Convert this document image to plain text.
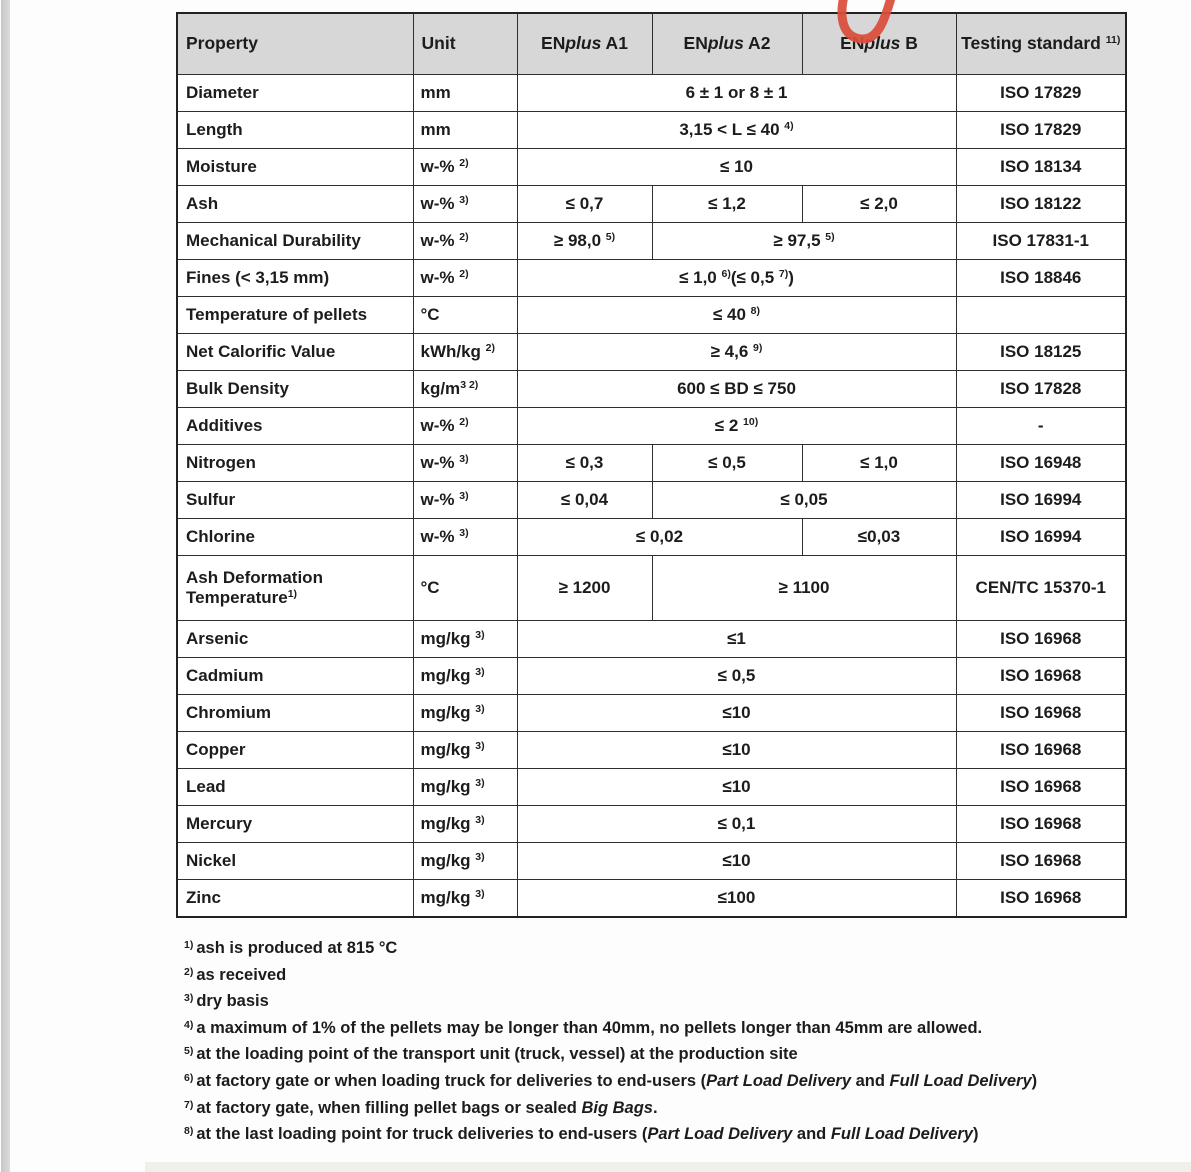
Property	Unit	ENplus A1	ENplus A2	ENplus B	Testing standard $^{11)}$
Diameter	mm	6 ± 1 or 8 ± 1			ISO 17829
Length	mm	3,15 < L ≤ 40 $^{4)}$			ISO 17829
Moisture	w-% $^{2)}$	≤ 10			ISO 18134
Ash	w-% $^{3)}$	≤ 0,7	≤ 1,2	≤ 2,0	ISO 18122
Mechanical Durability	w-% $^{2)}$	≥ 98,0 $^{5)}$	≥ 97,5 $^{5)}$		ISO 17831-1
Fines (< 3,15 mm)	w-% $^{2)}$	≤ 1,0 $^{6)}$(≤ 0,5 $^{7)}$)			ISO 18846
Temperature of pellets	°C	≤ 40 $^{8)}$	
Net Calorific Value	kWh/kg $^{2)}$	≥ 4,6 $^{9)}$			ISO 18125
Bulk Density	$kg/m^3$ $^{2)}$	600 ≤ BD ≤ 750			ISO 17828
Additives	w-% $^{2)}$	≤ 2 $^{10)}$			-
Nitrogen	w-% $^{3)}$	≤ 0,3	≤ 0,5	≤ 1,0	ISO 16948
Sulfur	w-% $^{3)}$	≤ 0,04	≤ 0,05		ISO 16994
Chlorine	w-% $^{3)}$	≤ 0,02		≤0,03	ISO 16994
Ash Deformation Temperature$^{1)}$	°C	≥ 1200	≥ 1100		CEN/TC 15370-1
Arsenic	mg/kg $^{3)}$	≤1			ISO 16968
Cadmium	mg/kg $^{3)}$	≤ 0,5			ISO 16968
Chromium	mg/kg $^{3)}$	≤10			ISO 16968
Copper	mg/kg $^{3)}$	≤10			ISO 16968
Lead	mg/kg $^{3)}$	≤10			ISO 16968
Mercury	mg/kg $^{3)}$	≤ 0,1			ISO 16968
Nickel	mg/kg $^{3)}$	≤10			ISO 16968
Zinc	mg/kg $^{3)}$	≤100			ISO 16968
$^{1)}$ ash is produced at 815 °C
$^{2)}$ as received
$^{3)}$ dry basis
$^{4)}$ a maximum of 1% of the pellets may be longer than 40mm, no pellets longer than 45mm are allowed.
$^{5)}$ at the loading point of the transport unit (truck, vessel) at the production site
$^{6)}$ at factory gate or when loading truck for deliveries to end-users (Part Load Delivery and Full Load Delivery)
$^{7)}$ at factory gate, when filling pellet bags or sealed Big Bags.
$^{8)}$ at the last loading point for truck deliveries to end-users (Part Load Delivery and Full Load Delivery)
